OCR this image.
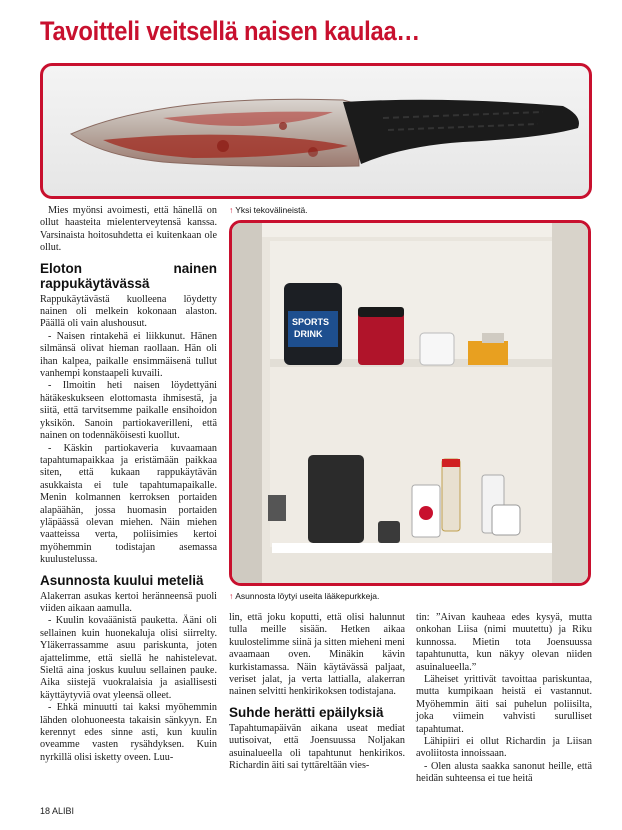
Tavoitteli veitsellä naisen kaulaa…
↑ Yksi tekovälineistä.
SPORTS
DRINK
↑ Asunnosta löytyi useita lääkepurkkeja.

Mies myönsi avoimesti, että hänellä on ollut haasteita mielenterveytensä kanssa. Varsinaista hoitosuhdetta ei kuitenkaan ole ollut.

Eloton nainen rappukäytävässä

Rappukäytävästä kuolleena löydetty nainen oli melkein kokonaan alaston. Päällä oli vain alushousut.

- Naisen rintakehä ei liikkunut. Hänen silmänsä olivat hieman raollaan. Hän oli ihan kalpea, paikalle ensimmäisenä tullut vanhempi konstaapeli kuvaili.

- Ilmoitin heti naisen löydettyäni hätäkeskukseen elottomasta ihmisestä, ja siitä, että tarvitsemme paikalle ensihoidon yksikön. Sanoin partiokaverilleni, että nainen on todennäköisesti kuollut.

- Käskin partiokaveria kuvaamaan tapahtumapaikkaa ja eristämään paikkaa siten, että kukaan rappukäytävän asukkaista ei tule tapahtumapaikalle. Menin kolmannen kerroksen portaiden alapäähän, jossa huomasin portaiden yläpäässä olevan miehen. Näin miehen vaatteissa verta, poliisimies kertoi myöhemmin todistajan asemassa kuulustelussa.

Asunnosta kuului meteliä

Alakerran asukas kertoi heränneensä puoli viiden aikaan aamulla.

- Kuulin kovaäänistä pauketta. Ääni oli sellainen kuin huonekaluja olisi siirrelty. Yläkerrassamme asuu pariskunta, joten ajattelimme, että siellä he nahistelevat. Sieltä aina joskus kuuluu sellainen pauke. Aika siistejä vuokralaisia ja asiallisesti käyttäytyviä ovat yleensä olleet.

- Ehkä minuutti tai kaksi myöhemmin lähden olohuoneesta takaisin sänkyyn. En kerennyt edes sinne asti, kun kuulin oveamme vasten rysähdyksen. Kuin nyrkillä olisi isketty oveen. Luu-

lin, että joku koputti, että olisi halunnut tulla meille sisään. Hetken aikaa kuulostelimme siinä ja sitten mieheni meni avaamaan oven. Minäkin kävin kurkistamassa. Näin käytävässä paljaat, veriset jalat, ja verta lattialla, alakerran nainen selvitti henkirikoksen todistajana.

Suhde herätti epäilyksiä

Tapahtumapäivän aikana useat mediat uutisoivat, että Joensuussa Noljakan asuinalueella oli tapahtunut henkirikos. Richardin äiti sai tyttäreltään vies-

tin: ”Aivan kauheaa edes kysyä, mutta onkohan Liisa (nimi muutettu) ja Riku kunnossa. Mietin tota Joensuussa tapahtunutta, kun näkyy olevan niiden asuinalueella.”

Läheiset yrittivät tavoittaa pariskuntaa, mutta kumpikaan heistä ei vastannut. Myöhemmin äiti sai puhelun poliisilta, joka viimein vahvisti surulliset tapahtumat.

Lähipiiri ei ollut Richardin ja Liisan avoliitosta innoissaan.

- Olen alusta saakka sanonut heille, että heidän suhteensa ei tue heitä

18 ALIBI
